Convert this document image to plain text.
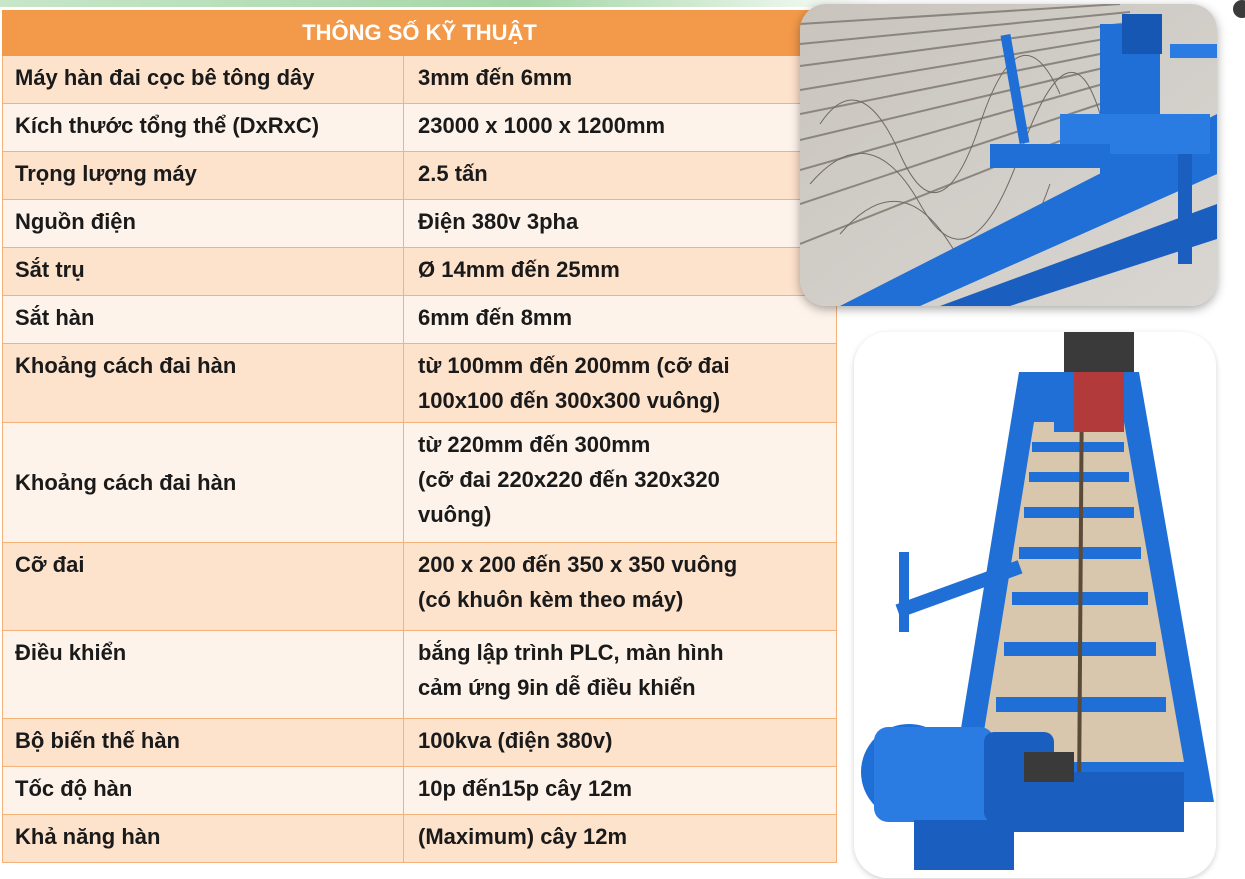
THÔNG SỐ KỸ THUẬT	
Máy hàn đai cọc bê tông dây	3mm đến 6mm
Kích thước tổng thể (DxRxC)	23000 x 1000 x 1200mm
Trọng lượng máy	2.5 tấn
Nguồn điện	Điện 380v 3pha
Sắt trụ	Ø 14mm đến 25mm
Sắt hàn	6mm đến 8mm
Khoảng cách đai hàn	từ 100mm đến 200mm (cỡ đai
100x100 đến 300x300 vuông)
Khoảng cách đai hàn	từ 220mm đến 300mm
(cỡ đai 220x220 đến 320x320
vuông)
Cỡ đai	200 x 200 đến 350 x 350 vuông
(có khuôn kèm theo máy)
Điều khiển	bắng lập trình PLC, màn hình
cảm ứng 9in dễ điều khiển
Bộ biến thế hàn	100kva (điện 380v)
Tốc độ hàn	10p đến15p cây 12m
Khả năng hàn	(Maximum) cây 12m
